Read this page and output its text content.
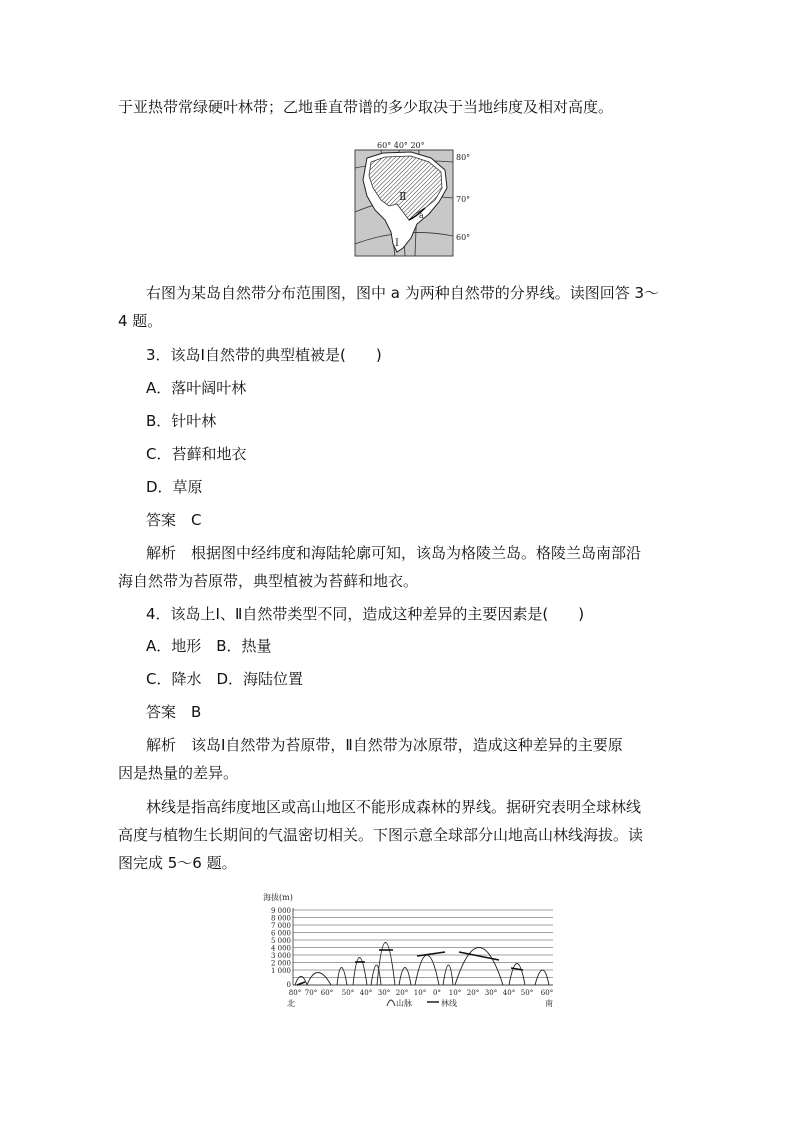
于亚热带常绿硬叶林带；乙地垂直带谱的多少取决于当地纬度及相对高度。
Ⅱ
a
Ⅰ
60° 40° 20°
80°
70°
60°
右图为某岛自然带分布范围图，图中 a 为两种自然带的分界线。读图回答 3～
4 题。
3．该岛Ⅰ自然带的典型植被是(　　)
A．落叶阔叶林
B．针叶林
C．苔藓和地衣
D．草原
答案　C
解析　根据图中经纬度和海陆轮廓可知，该岛为格陵兰岛。格陵兰岛南部沿
海自然带为苔原带，典型植被为苔藓和地衣。
4．该岛上Ⅰ、Ⅱ自然带类型不同，造成这种差异的主要因素是(　　)
A．地形　B．热量
C．降水　D．海陆位置
答案　B
解析　该岛Ⅰ自然带为苔原带，Ⅱ自然带为冰原带，造成这种差异的主要原
因是热量的差异。
林线是指高纬度地区或高山地区不能形成森林的界线。据研究表明全球林线
高度与植物生长期间的气温密切相关。下图示意全球部分山地高山林线海拔。读
图完成 5～6 题。
海拔(m)
9 000
8 000
7 000
6 000
5 000
4 000
3 000
2 000
1 000
0
80° 70° 60° 50° 40° 30° 20° 10° 0° 10° 20° 30° 40° 50° 60°
北	南
山脉	林线
